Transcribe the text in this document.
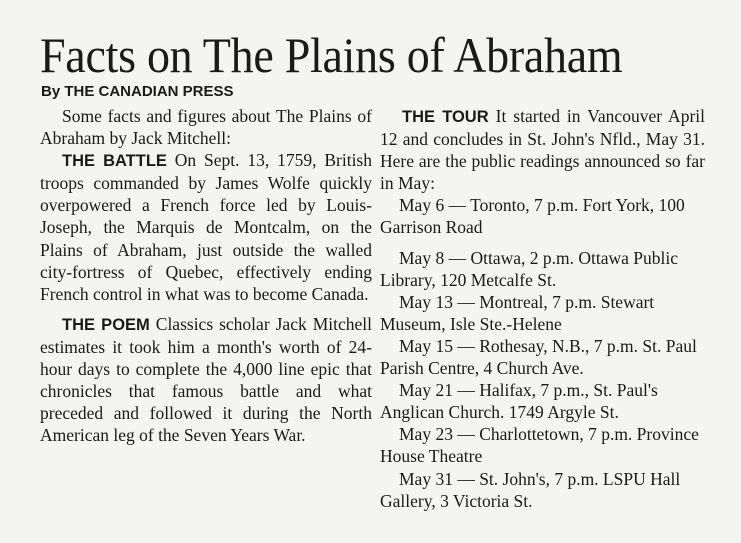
Facts on The Plains of Abraham
By THE CANADIAN PRESS

Some facts and figures about The Plains of Abraham by Jack Mitchell:

THE BATTLE On Sept. 13, 1759, British troops commanded by James Wolfe quickly overpowered a French force led by Louis-Joseph, the Marquis de Montcalm, on the Plains of Abraham, just outside the walled city-fortress of Quebec, effectively ending French control in what was to become Canada.

THE POEM Classics scholar Jack Mitchell estimates it took him a month's worth of 24-hour days to complete the 4,000 line epic that chronicles that famous battle and what preceded and followed it during the North American leg of the Seven Years War.

THE TOUR It started in Vancouver April 12 and concludes in St. John's Nfld., May 31. Here are the public readings announced so far in May:

May 6 — Toronto, 7 p.m. Fort York, 100 Garrison Road

May 8 — Ottawa, 2 p.m. Ottawa Public Library, 120 Metcalfe St.

May 13 — Montreal, 7 p.m. Stewart Museum, Isle Ste.-Helene

May 15 — Rothesay, N.B., 7 p.m. St. Paul Parish Centre, 4 Church Ave.

May 21 — Halifax, 7 p.m., St. Paul's Anglican Church. 1749 Argyle St.

May 23 — Charlottetown, 7 p.m. Province House Theatre

May 31 — St. John's, 7 p.m. LSPU Hall Gallery, 3 Victoria St.
